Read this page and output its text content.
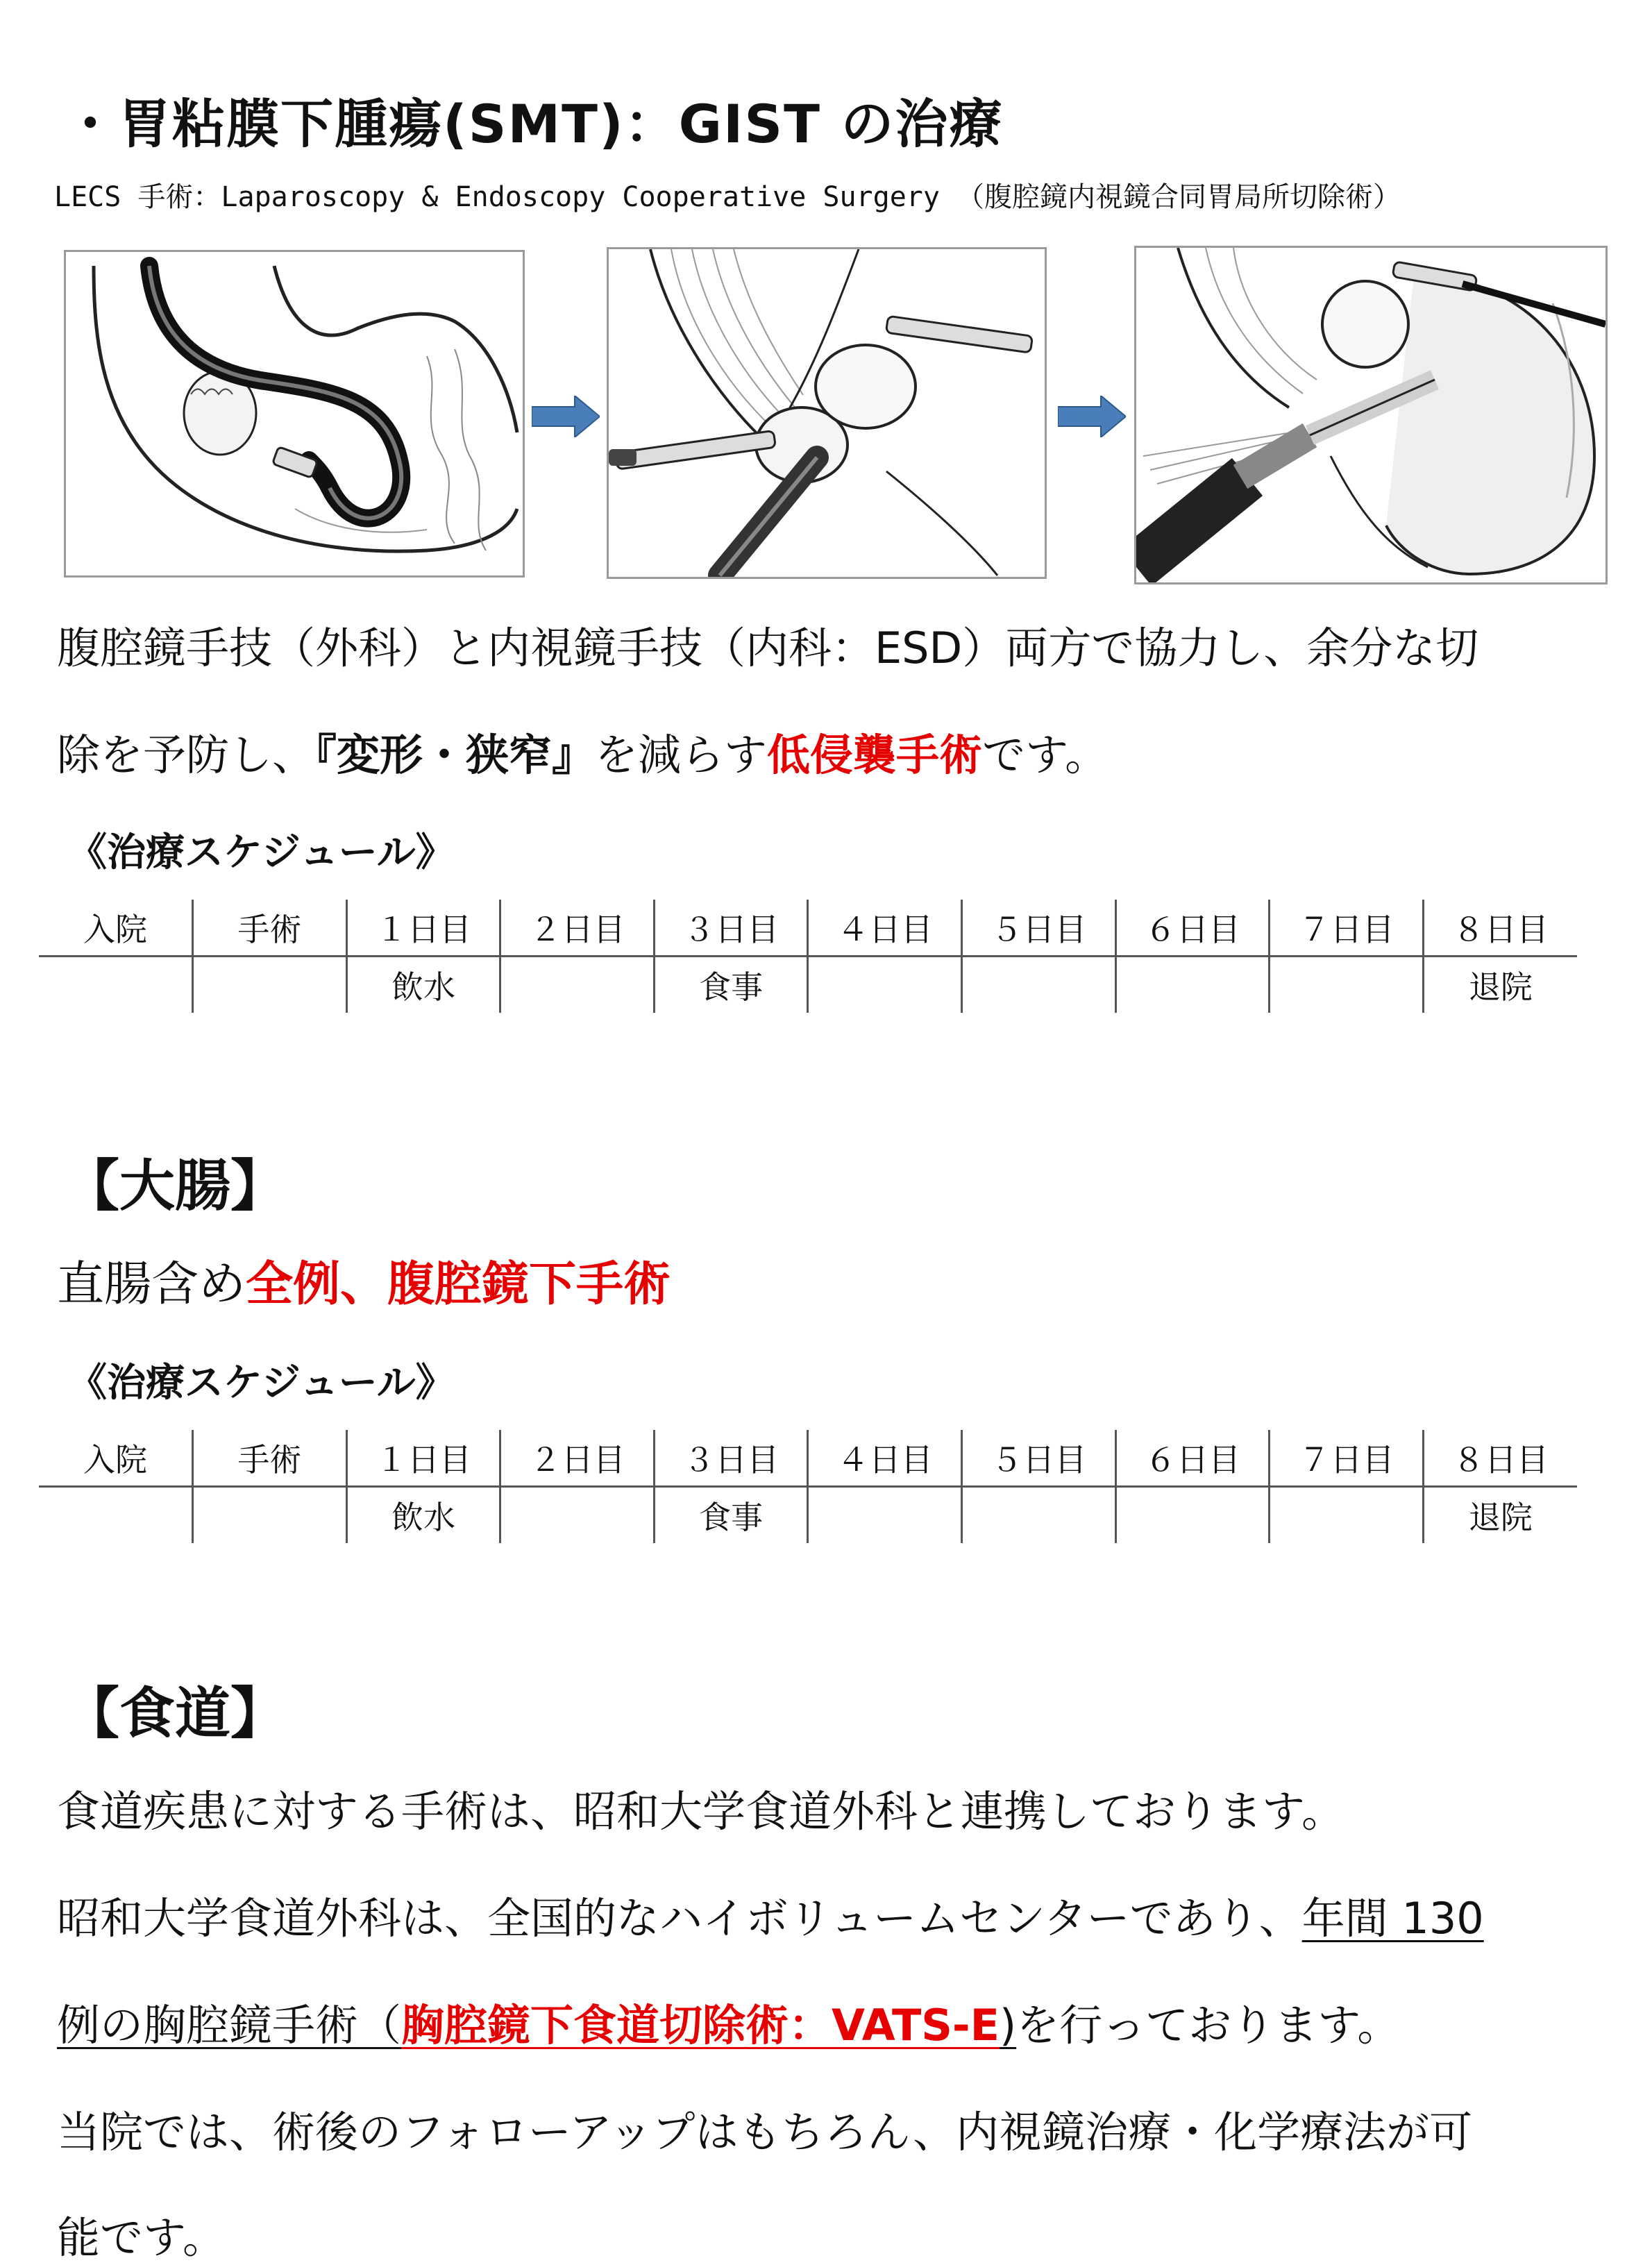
・胃粘膜下腫瘍(SMT)：GIST の治療
LECS 手術：Laparoscopy & Endoscopy Cooperative Surgery （腹腔鏡内視鏡合同胃局所切除術）
腹腔鏡手技（外科）と内視鏡手技（内科：ESD）両方で協力し、余分な切
除を予防し、『変形・狭窄』を減らす低侵襲手術です。
《治療スケジュール》
入院	手術	１日目	２日目	３日目	４日目	５日目	６日目	７日目	８日目
		飲水		食事					退院
【大腸】
直腸含め全例、腹腔鏡下手術
《治療スケジュール》
入院	手術	１日目	２日目	３日目	４日目	５日目	６日目	７日目	８日目
		飲水		食事					退院
【食道】
食道疾患に対する手術は、昭和大学食道外科と連携しております。
昭和大学食道外科は、全国的なハイボリュームセンターであり、年間 130
例の胸腔鏡手術（胸腔鏡下食道切除術：VATS-E)を行っております。
当院では、術後のフォローアップはもちろん、内視鏡治療・化学療法が可
能です。
